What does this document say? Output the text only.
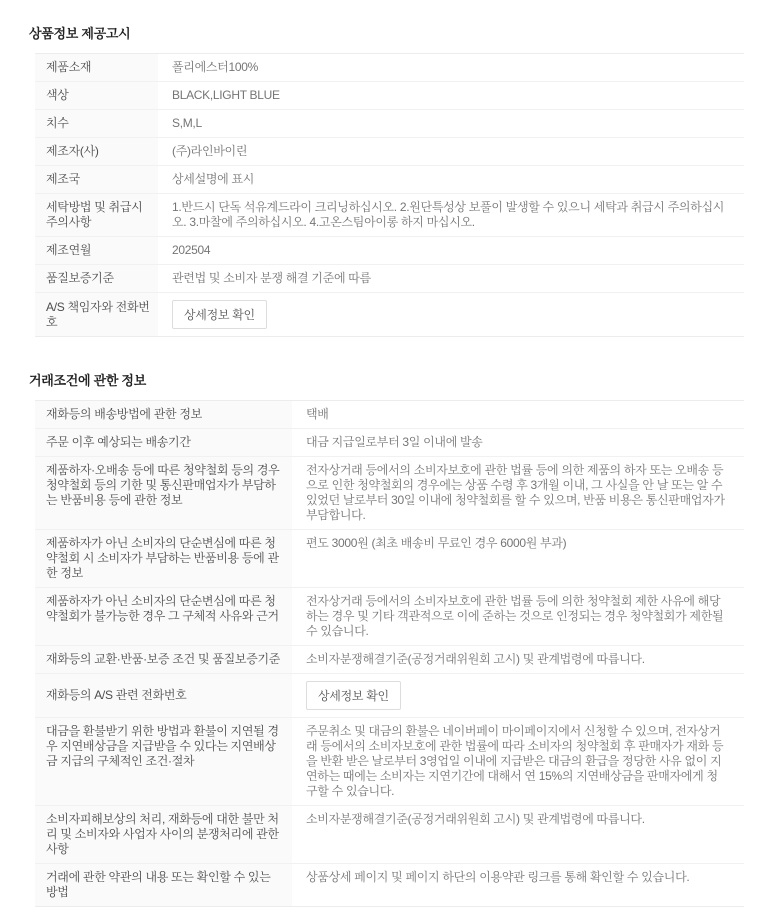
상품정보 제공고시
제품소재	폴리에스터100%
색상	BLACK,LIGHT BLUE
치수	S,M,L
제조자(사)	(주)라인바이린
제조국	상세설명에 표시
세탁방법 및 취급시 주의사항	1.반드시 단독 석유계드라이 크리닝하십시오. 2.원단특성상 보풀이 발생할 수 있으니 세탁과 취급시 주의하십시오. 3.마찰에 주의하십시오. 4.고온스팀아이롱 하지 마십시오.
제조연월	202504
품질보증기준	관련법 및 소비자 분쟁 해결 기준에 따름
A/S 책임자와 전화번호	상세정보 확인
거래조건에 관한 정보
재화등의 배송방법에 관한 정보	택배
주문 이후 예상되는 배송기간	대금 지급일로부터 3일 이내에 발송
제품하자·오배송 등에 따른 청약철회 등의 경우 청약철회 등의 기한 및 통신판매업자가 부담하는 반품비용 등에 관한 정보	전자상거래 등에서의 소비자보호에 관한 법률 등에 의한 제품의 하자 또는 오배송 등으로 인한 청약철회의 경우에는 상품 수령 후 3개월 이내, 그 사실을 안 날 또는 알 수 있었던 날로부터 30일 이내에 청약철회를 할 수 있으며, 반품 비용은 통신판매업자가 부담합니다.
제품하자가 아닌 소비자의 단순변심에 따른 청약철회 시 소비자가 부담하는 반품비용 등에 관한 정보	편도 3000원 (최초 배송비 무료인 경우 6000원 부과)
제품하자가 아닌 소비자의 단순변심에 따른 청약철회가 불가능한 경우 그 구체적 사유와 근거	전자상거래 등에서의 소비자보호에 관한 법률 등에 의한 청약철회 제한 사유에 해당하는 경우 및 기타 객관적으로 이에 준하는 것으로 인정되는 경우 청약철회가 제한될 수 있습니다.
재화등의 교환·반품·보증 조건 및 품질보증기준	소비자분쟁해결기준(공정거래위원회 고시) 및 관계법령에 따릅니다.
재화등의 A/S 관련 전화번호	상세정보 확인
대금을 환불받기 위한 방법과 환불이 지연될 경우 지연배상금을 지급받을 수 있다는 지연배상금 지급의 구체적인 조건·절차	주문취소 및 대금의 환불은 네이버페이 마이페이지에서 신청할 수 있으며, 전자상거래 등에서의 소비자보호에 관한 법률에 따라 소비자의 청약철회 후 판매자가 재화 등을 반환 받은 날로부터 3영업일 이내에 지급받은 대금의 환급을 정당한 사유 없이 지연하는 때에는 소비자는 지연기간에 대해서 연 15%의 지연배상금을 판매자에게 청구할 수 있습니다.
소비자피해보상의 처리, 재화등에 대한 불만 처리 및 소비자와 사업자 사이의 분쟁처리에 관한 사항	소비자분쟁해결기준(공정거래위원회 고시) 및 관계법령에 따릅니다.
거래에 관한 약관의 내용 또는 확인할 수 있는 방법	상품상세 페이지 및 페이지 하단의 이용약관 링크를 통해 확인할 수 있습니다.
